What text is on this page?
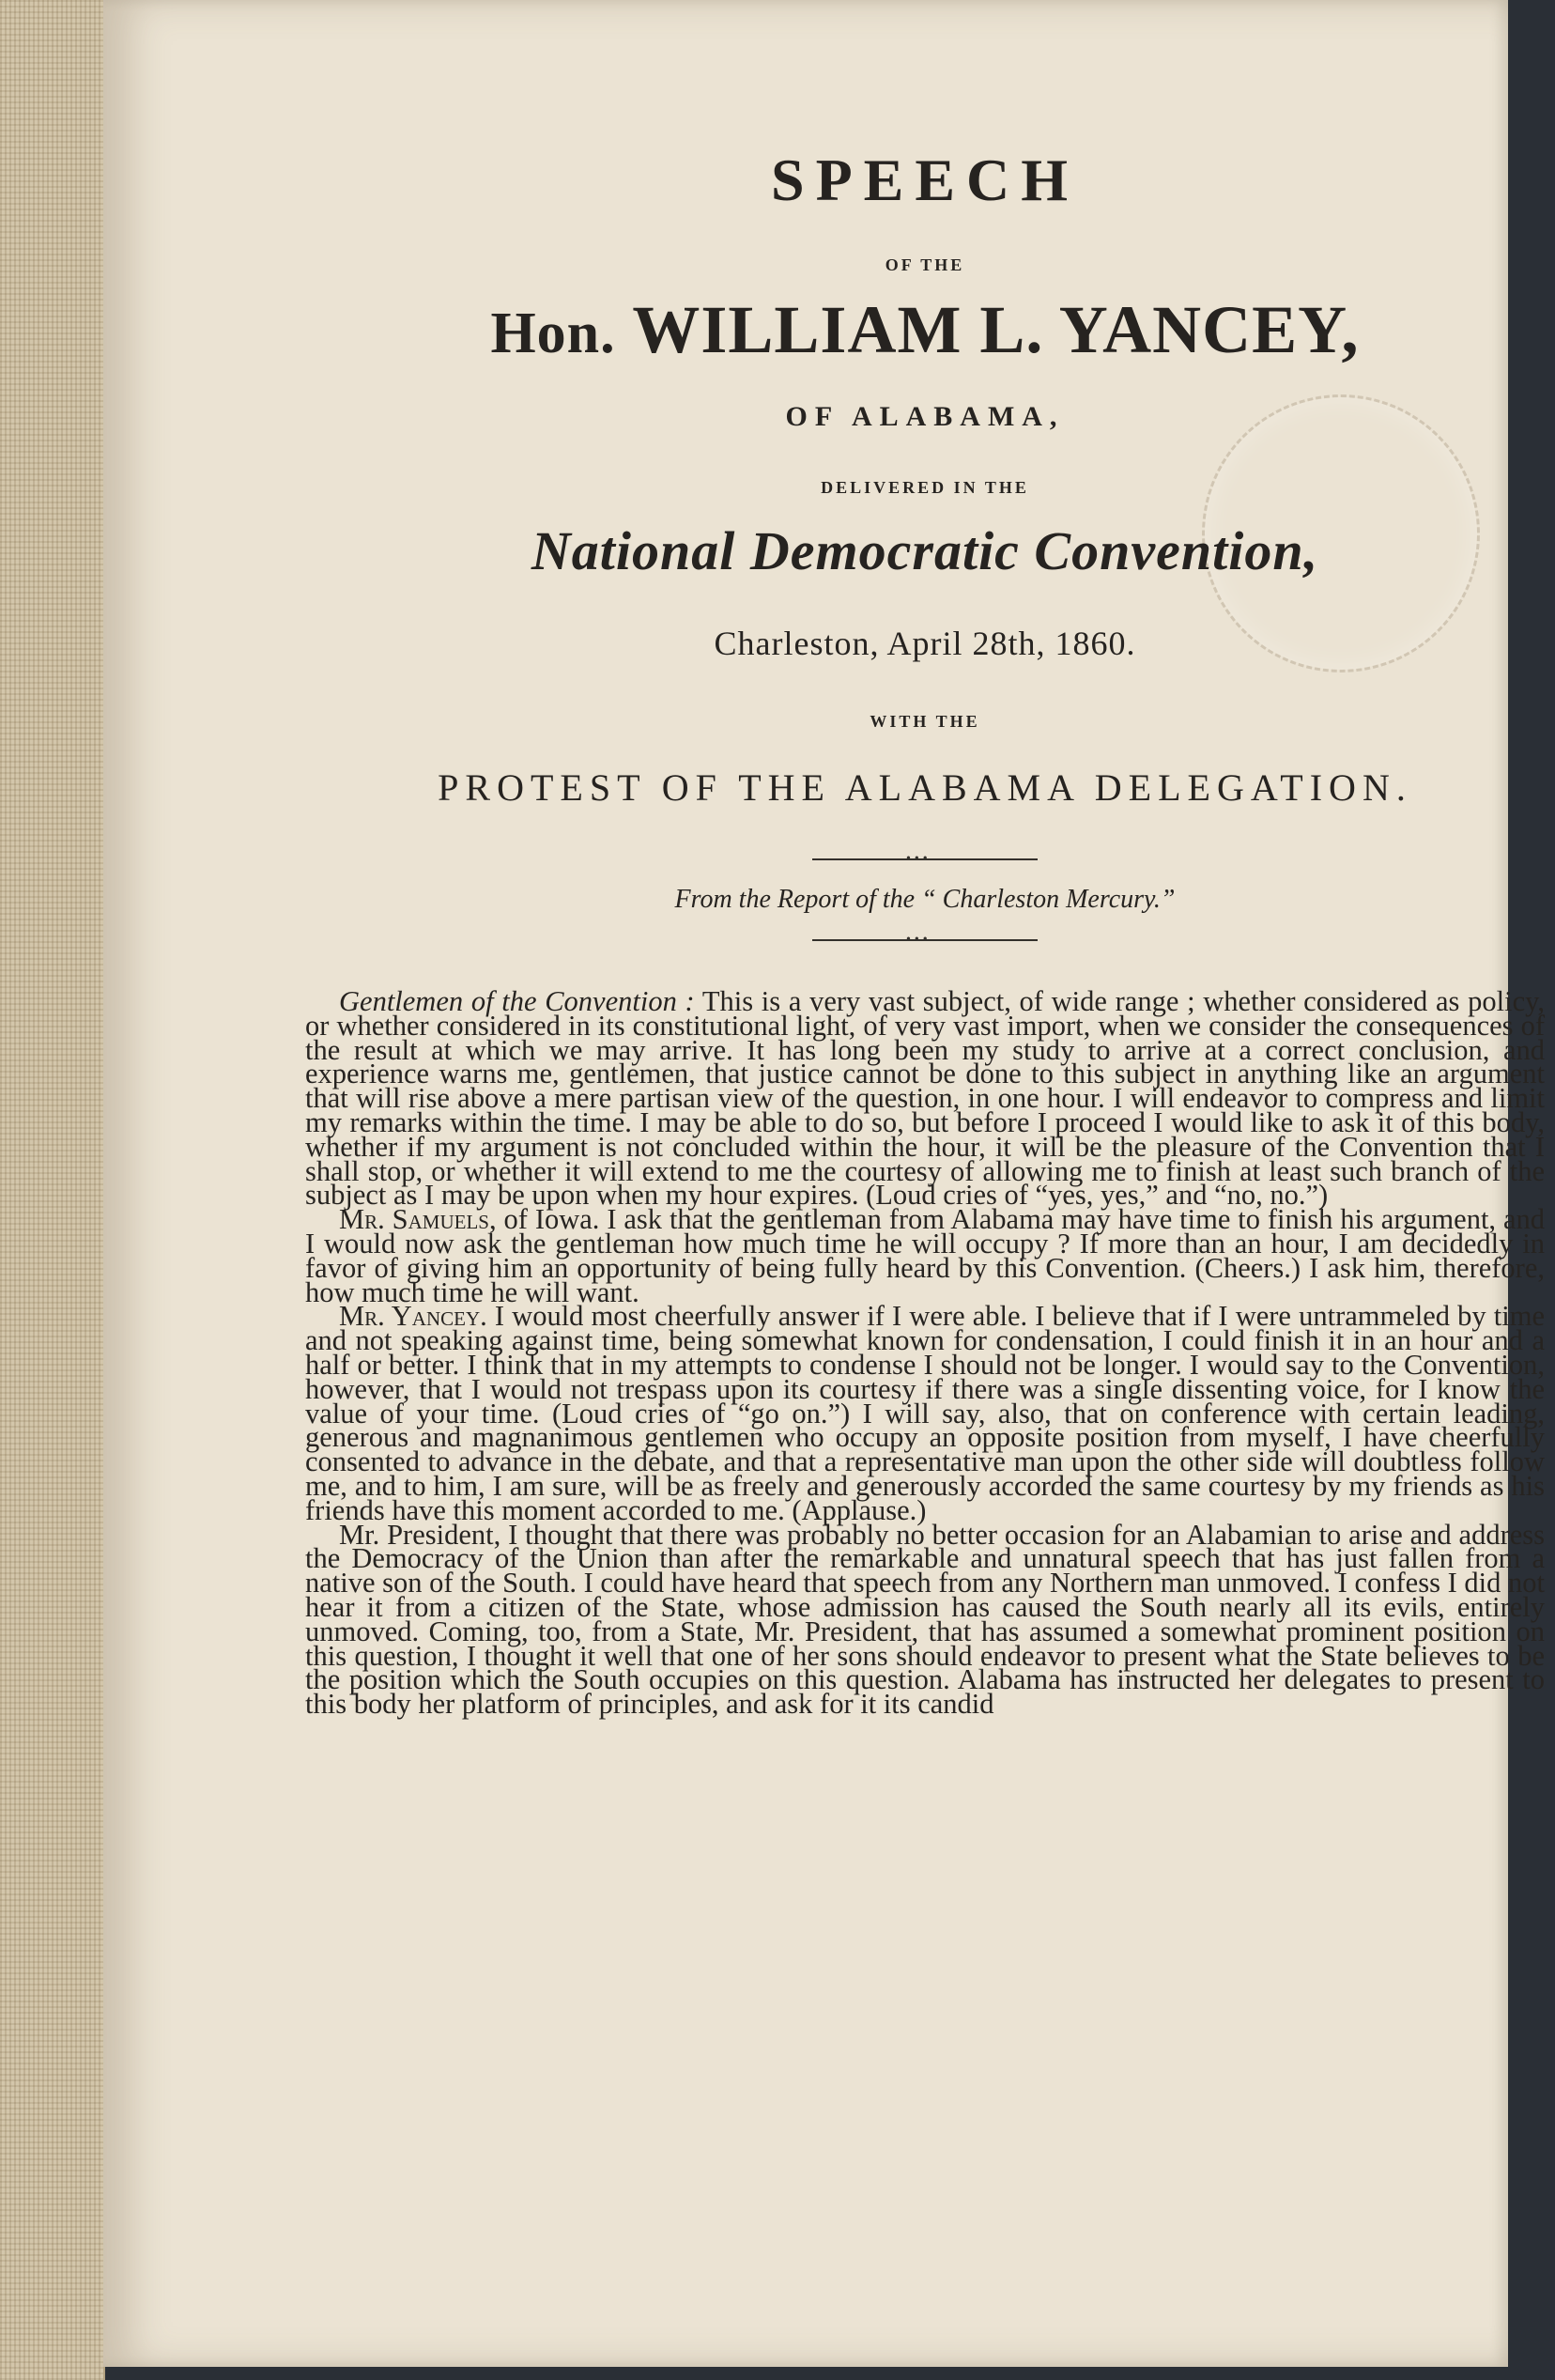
SPEECH
OF THE
Hon. WILLIAM L. YANCEY,
OF ALABAMA,
DELIVERED IN THE
National Democratic Convention,
Charleston, April 28th, 1860.
WITH THE
PROTEST OF THE ALABAMA DELEGATION.
•••
From the Report of the “ Charleston Mercury.”
•••

Gentlemen of the Convention : This is a very vast subject, of wide range ; whether considered as policy, or whether considered in its constitutional light, of very vast import, when we consider the consequences of the result at which we may arrive. It has long been my study to arrive at a correct conclusion, and experience warns me, gentlemen, that justice cannot be done to this subject in anything like an argument that will rise above a mere partisan view of the question, in one hour. I will endeavor to compress and limit my remarks within the time. I may be able to do so, but before I proceed I would like to ask it of this body, whether if my argument is not concluded within the hour, it will be the pleasure of the Convention that I shall stop, or whether it will extend to me the courtesy of allowing me to finish at least such branch of the subject as I may be upon when my hour expires. (Loud cries of “yes, yes,” and “no, no.”)

Mr. Samuels, of Iowa. I ask that the gentleman from Alabama may have time to finish his argument, and I would now ask the gentleman how much time he will occupy ? If more than an hour, I am decidedly in favor of giving him an opportunity of being fully heard by this Convention. (Cheers.) I ask him, therefore, how much time he will want.

Mr. Yancey. I would most cheerfully answer if I were able. I believe that if I were untrammeled by time and not speaking against time, being somewhat known for condensation, I could finish it in an hour and a half or better. I think that in my attempts to condense I should not be longer. I would say to the Convention, however, that I would not trespass upon its courtesy if there was a single dissenting voice, for I know the value of your time. (Loud cries of “go on.”) I will say, also, that on conference with certain leading, generous and magnanimous gentlemen who occupy an opposite position from myself, I have cheerfully consented to advance in the debate, and that a representative man upon the other side will doubtless follow me, and to him, I am sure, will be as freely and generously accorded the same courtesy by my friends as his friends have this moment accorded to me. (Applause.)

Mr. President, I thought that there was probably no better occasion for an Alabamian to arise and address the Democracy of the Union than after the remarkable and unnatural speech that has just fallen from a native son of the South. I could have heard that speech from any Northern man unmoved. I confess I did not hear it from a citizen of the State, whose admission has caused the South nearly all its evils, entirely unmoved. Coming, too, from a State, Mr. President, that has assumed a somewhat prominent position on this question, I thought it well that one of her sons should endeavor to present what the State believes to be the position which the South occupies on this question. Alabama has instructed her delegates to present to this body her platform of principles, and ask for it its candid
